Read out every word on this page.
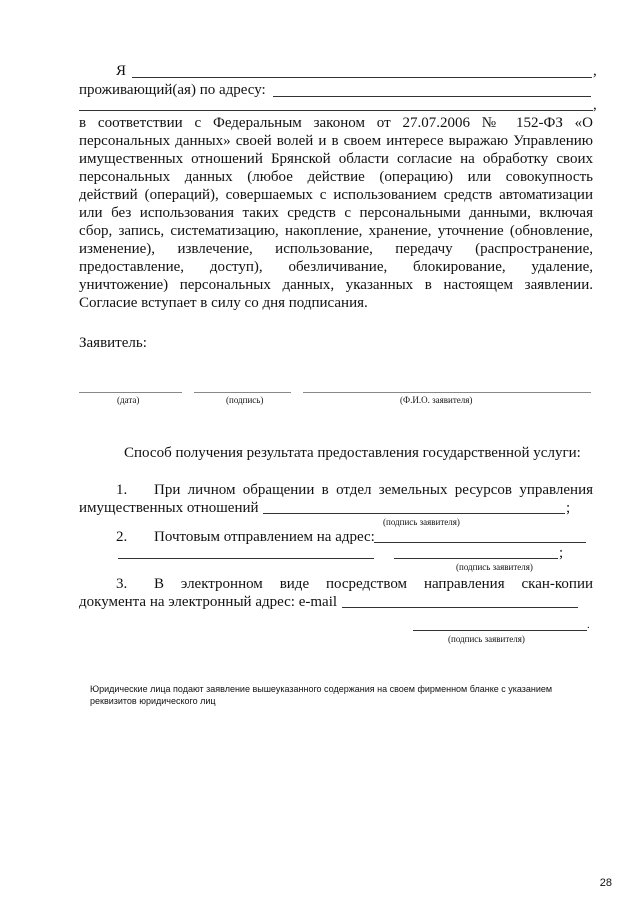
Я	,
проживающий(ая) по адресу:
,
в соответствии с Федеральным законом от 27.07.2006 № 152-ФЗ «О
персональных данных» своей волей и в своем интересе выражаю Управлению
имущественных отношений Брянской области согласие на обработку своих
персональных данных (любое действие (операцию) или совокупность
действий (операций), совершаемых с использованием средств автоматизации
или без использования таких средств с персональными данными, включая
сбор, запись, систематизацию, накопление, хранение, уточнение (обновление,
изменение), извлечение, использование, передачу (распространение,
предоставление, доступ), обезличивание, блокирование, удаление,
уничтожение) персональных данных, указанных в настоящем заявлении.
Согласие вступает в силу со дня подписания.
Заявитель:
(дата)	(подпись)	(Ф.И.О. заявителя)
Способ получения результата предоставления государственной услуги:
1. При личном обращении в отдел земельных ресурсов управления
имущественных отношений	;
(подпись заявителя)
2. Почтовым отправлением на адрес:
;
(подпись заявителя)
3. В электронном виде посредством направления скан-копии
документа на электронный адрес: e-mail
.
(подпись заявителя)
Юридические лица подают заявление вышеуказанного содержания на своем фирменном бланке с указанием реквизитов юридического лиц
28
